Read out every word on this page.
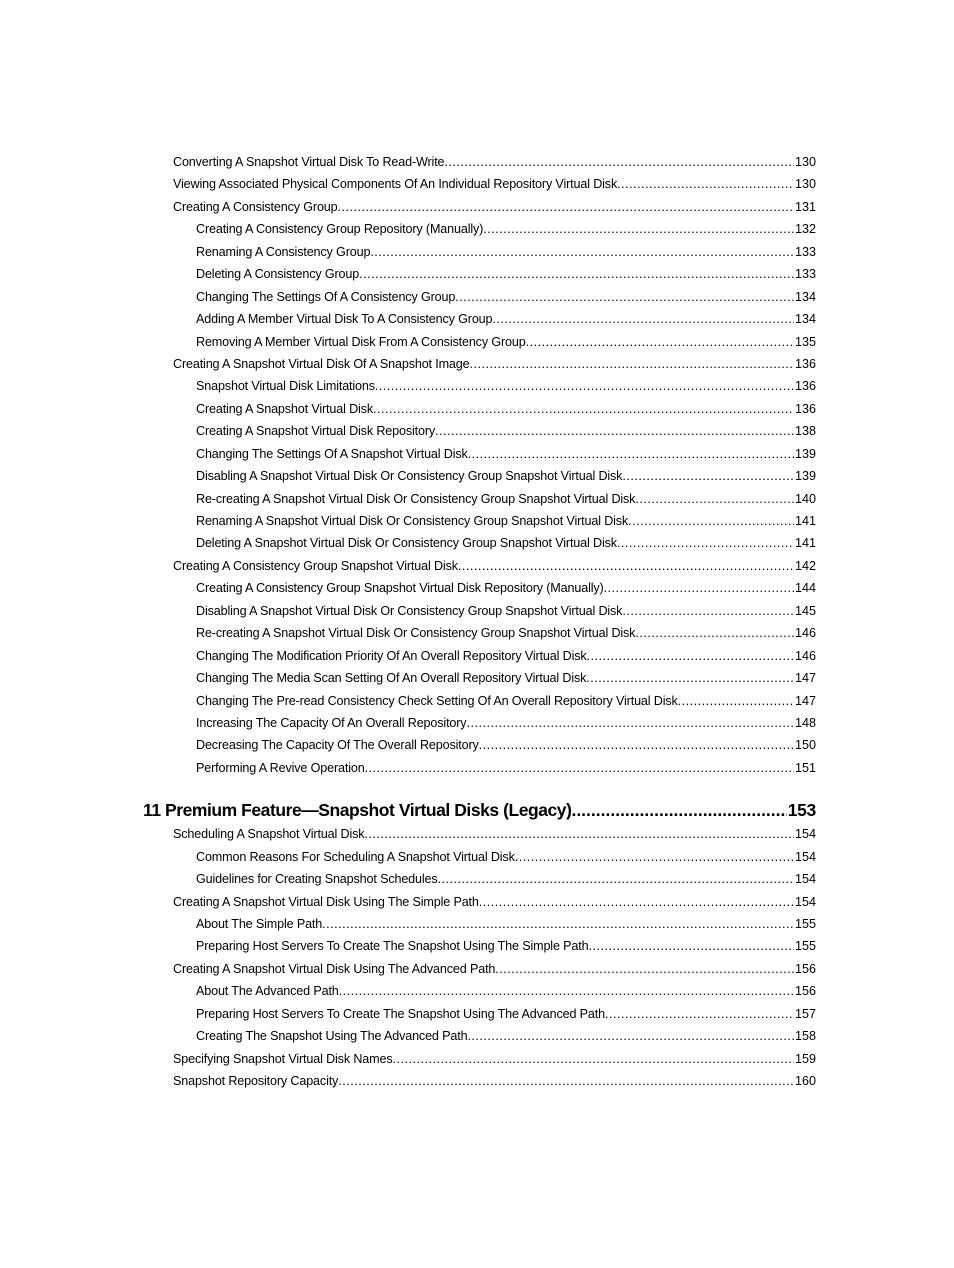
Converting A Snapshot Virtual Disk To Read-Write .....	130
Viewing Associated Physical Components Of An Individual Repository Virtual Disk .....	130
Creating A Consistency Group .....	131
Creating A Consistency Group Repository (Manually) .....	132
Renaming A Consistency Group .....	133
Deleting A Consistency Group .....	133
Changing The Settings Of A Consistency Group .....	134
Adding A Member Virtual Disk To A Consistency Group .....	134
Removing A Member Virtual Disk From A Consistency Group .....	135
Creating A Snapshot Virtual Disk Of A Snapshot Image .....	136
Snapshot Virtual Disk Limitations .....	136
Creating A Snapshot Virtual Disk .....	136
Creating A Snapshot Virtual Disk Repository .....	138
Changing The Settings Of A Snapshot Virtual Disk .....	139
Disabling A Snapshot Virtual Disk Or Consistency Group Snapshot Virtual Disk .....	139
Re-creating A Snapshot Virtual Disk Or Consistency Group Snapshot Virtual Disk .....	140
Renaming A Snapshot Virtual Disk Or Consistency Group Snapshot Virtual Disk .....	141
Deleting A Snapshot Virtual Disk Or Consistency Group Snapshot Virtual Disk .....	141
Creating A Consistency Group Snapshot Virtual Disk .....	142
Creating A Consistency Group Snapshot Virtual Disk Repository (Manually) .....	144
Disabling A Snapshot Virtual Disk Or Consistency Group Snapshot Virtual Disk .....	145
Re-creating A Snapshot Virtual Disk Or Consistency Group Snapshot Virtual Disk .....	146
Changing The Modification Priority Of An Overall Repository Virtual Disk .....	146
Changing The Media Scan Setting Of An Overall Repository Virtual Disk .....	147
Changing The Pre-read Consistency Check Setting Of An Overall Repository Virtual Disk .....	147
Increasing The Capacity Of An Overall Repository .....	148
Decreasing The Capacity Of The Overall Repository .....	150
Performing A Revive Operation .....	151
11 Premium Feature—Snapshot Virtual Disks (Legacy) .....	153
Scheduling A Snapshot Virtual Disk .....	154
Common Reasons For Scheduling A Snapshot Virtual Disk .....	154
Guidelines for Creating Snapshot Schedules .....	154
Creating A Snapshot Virtual Disk Using The Simple Path .....	154
About The Simple Path .....	155
Preparing Host Servers To Create The Snapshot Using The Simple Path .....	155
Creating A Snapshot Virtual Disk Using The Advanced Path .....	156
About The Advanced Path .....	156
Preparing Host Servers To Create The Snapshot Using The Advanced Path .....	157
Creating The Snapshot Using The Advanced Path .....	158
Specifying Snapshot Virtual Disk Names .....	159
Snapshot Repository Capacity .....	160
